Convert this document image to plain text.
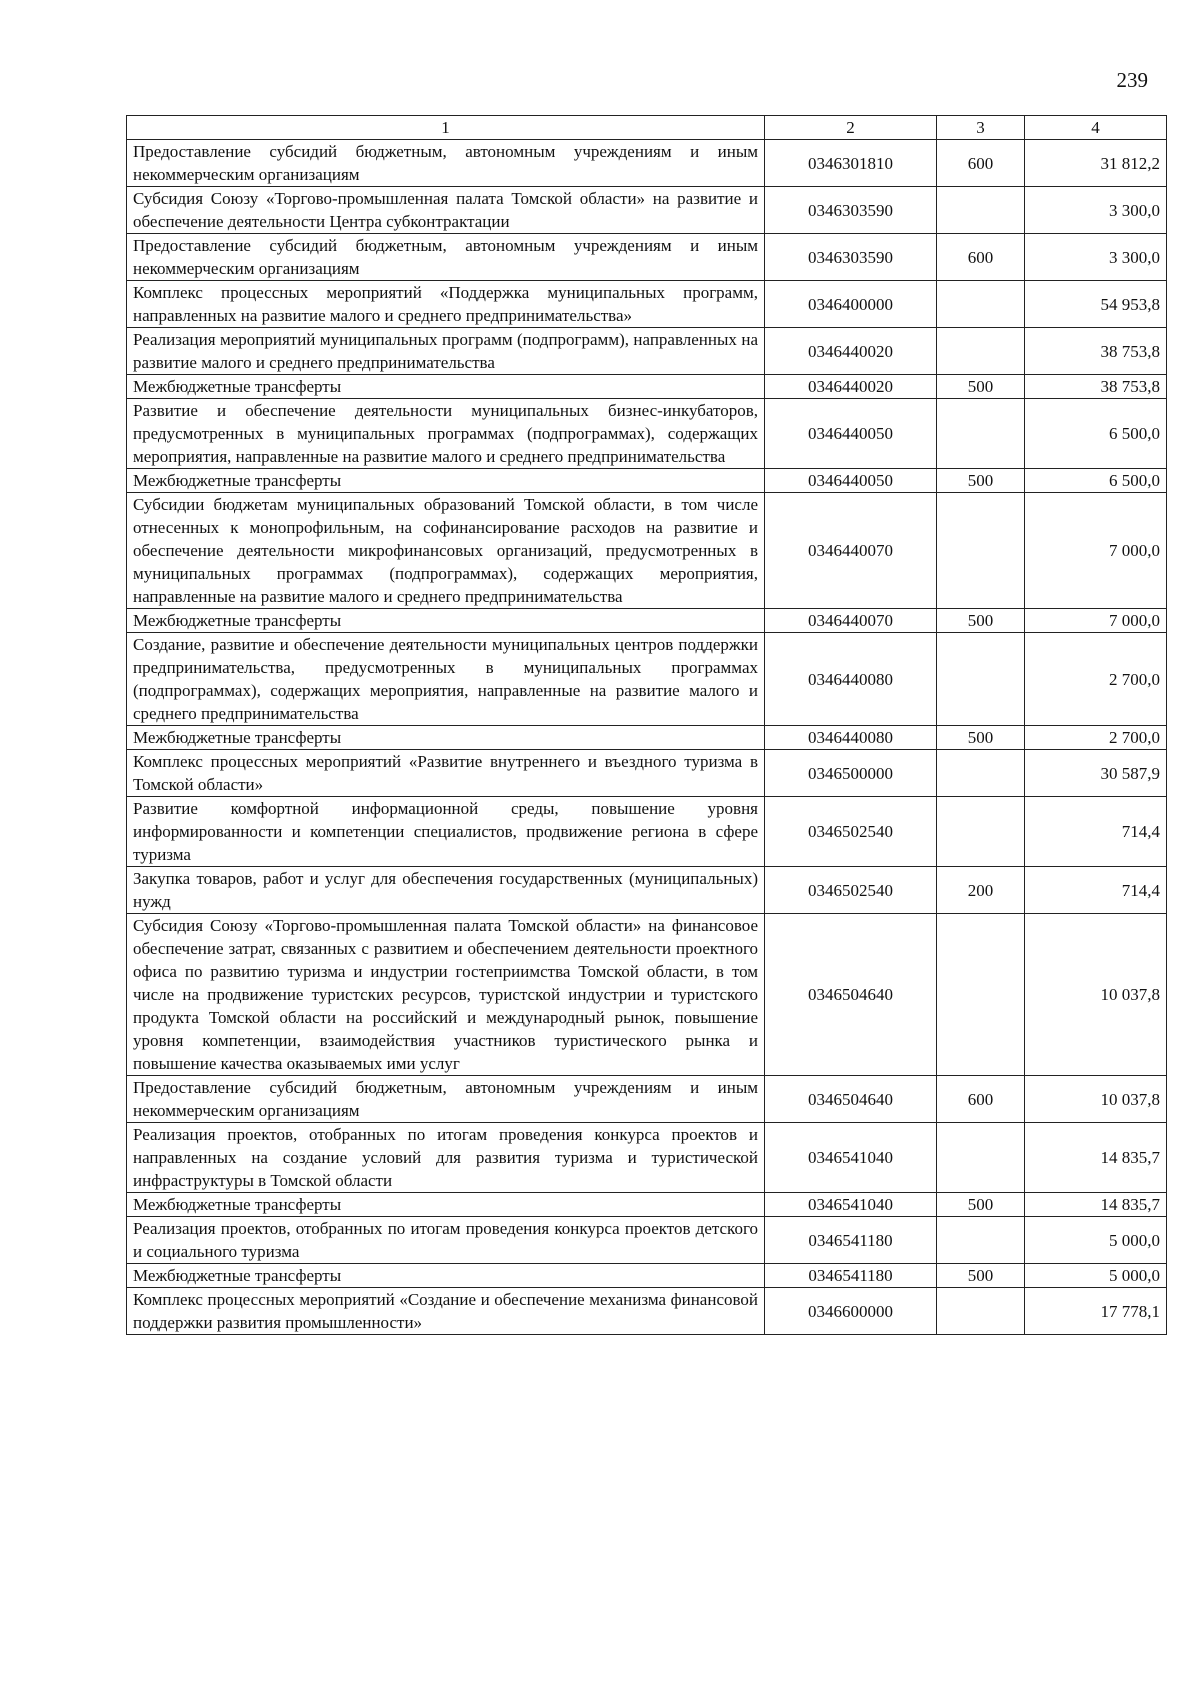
239
1	2	3	4
Предоставление субсидий бюджетным, автономным учреждениям и иным некоммерческим организациям	0346301810	600	31 812,2
Субсидия Союзу «Торгово-промышленная палата Томской области» на развитие и обеспечение деятельности Центра субконтрактации	0346303590		3 300,0
Предоставление субсидий бюджетным, автономным учреждениям и иным некоммерческим организациям	0346303590	600	3 300,0
Комплекс процессных мероприятий «Поддержка муниципальных программ, направленных на развитие малого и среднего предпринимательства»	0346400000		54 953,8
Реализация мероприятий муниципальных программ (подпрограмм), направленных на развитие малого и среднего предпринимательства	0346440020		38 753,8
Межбюджетные трансферты	0346440020	500	38 753,8
Развитие и обеспечение деятельности муниципальных бизнес-инкубаторов, предусмотренных в муниципальных программах (подпрограммах), содержащих мероприятия, направленные на развитие малого и среднего предпринимательства	0346440050		6 500,0
Межбюджетные трансферты	0346440050	500	6 500,0
Субсидии бюджетам муниципальных образований Томской области, в том числе отнесенных к монопрофильным, на софинансирование расходов на развитие и обеспечение деятельности микрофинансовых организаций, предусмотренных в муниципальных программах (подпрограммах), содержащих мероприятия, направленные на развитие малого и среднего предпринимательства	0346440070		7 000,0
Межбюджетные трансферты	0346440070	500	7 000,0
Создание, развитие и обеспечение деятельности муниципальных центров поддержки предпринимательства, предусмотренных в муниципальных программах (подпрограммах), содержащих мероприятия, направленные на развитие малого и среднего предпринимательства	0346440080		2 700,0
Межбюджетные трансферты	0346440080	500	2 700,0
Комплекс процессных мероприятий «Развитие внутреннего и въездного туризма в Томской области»	0346500000		30 587,9
Развитие комфортной информационной среды, повышение уровня информированности и компетенции специалистов, продвижение региона в сфере туризма	0346502540		714,4
Закупка товаров, работ и услуг для обеспечения государственных (муниципальных) нужд	0346502540	200	714,4
Субсидия Союзу «Торгово-промышленная палата Томской области» на финансовое обеспечение затрат, связанных с развитием и обеспечением деятельности проектного офиса по развитию туризма и индустрии гостеприимства Томской области, в том числе на продвижение туристских ресурсов, туристской индустрии и туристского продукта Томской области на российский и международный рынок, повышение уровня компетенции, взаимодействия участников туристического рынка и повышение качества оказываемых ими услуг	0346504640		10 037,8
Предоставление субсидий бюджетным, автономным учреждениям и иным некоммерческим организациям	0346504640	600	10 037,8
Реализация проектов, отобранных по итогам проведения конкурса проектов и направленных на создание условий для развития туризма и туристической инфраструктуры в Томской области	0346541040		14 835,7
Межбюджетные трансферты	0346541040	500	14 835,7
Реализация проектов, отобранных по итогам проведения конкурса проектов детского и социального туризма	0346541180		5 000,0
Межбюджетные трансферты	0346541180	500	5 000,0
Комплекс процессных мероприятий «Создание и обеспечение механизма финансовой поддержки развития промышленности»	0346600000		17 778,1
